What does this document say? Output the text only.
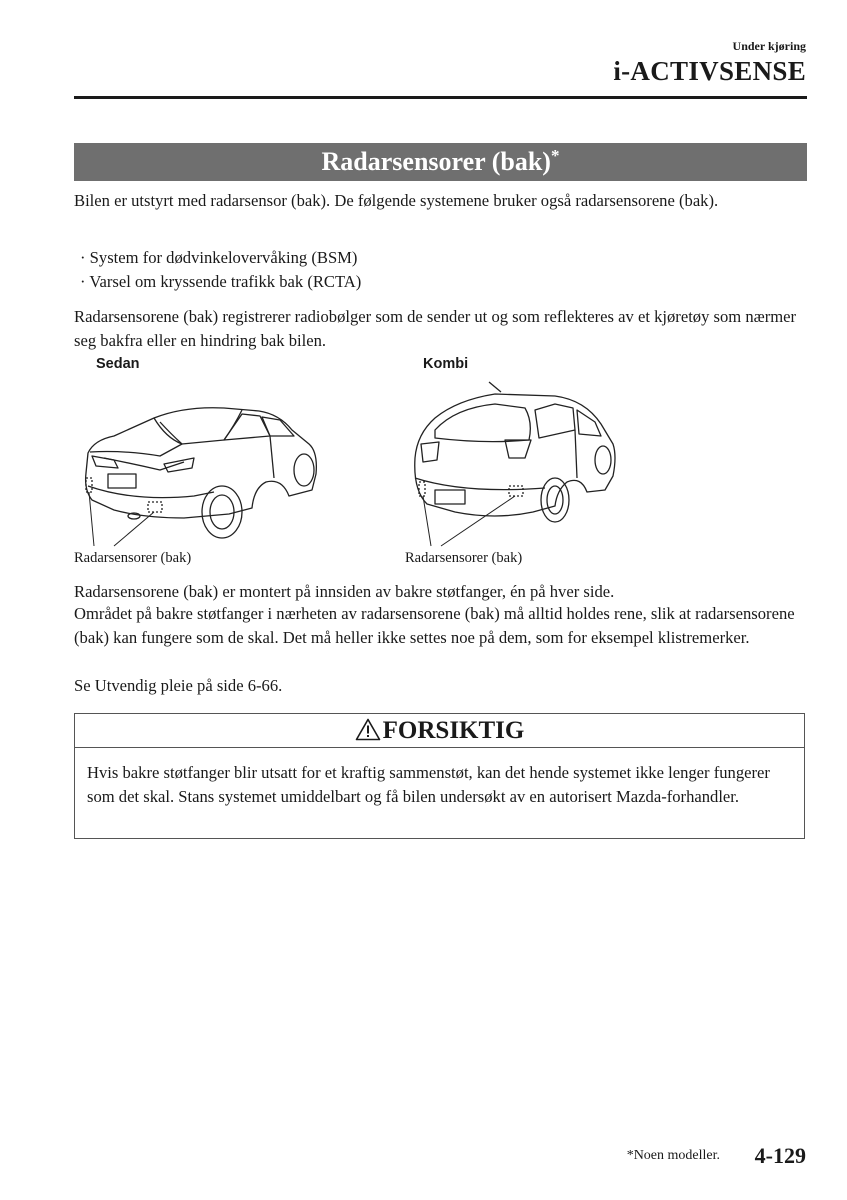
Under kjøring
i-ACTIVSENSE
Radarsensorer (bak)*
Bilen er utstyrt med radarsensor (bak). De følgende systemene bruker også radarsensorene (bak).
· System for dødvinkelovervåking (BSM)
· Varsel om kryssende trafikk bak (RCTA)
Radarsensorene (bak) registrerer radiobølger som de sender ut og som reflekteres av et kjøretøy som nærmer seg bakfra eller en hindring bak bilen.
Sedan	Kombi
Radarsensorer (bak)	Radarsensorer (bak)
Radarsensorene (bak) er montert på innsiden av bakre støtfanger, én på hver side.
Området på bakre støtfanger i nærheten av radarsensorene (bak) må alltid holdes rene, slik at radarsensorene (bak) kan fungere som de skal. Det må heller ikke settes noe på dem, som for eksempel klistremerker.
Se Utvendig pleie på side 6-66.
FORSIKTIG
Hvis bakre støtfanger blir utsatt for et kraftig sammenstøt, kan det hende systemet ikke lenger fungerer som det skal. Stans systemet umiddelbart og få bilen undersøkt av en autorisert Mazda-forhandler.
*Noen modeller. 4-129
